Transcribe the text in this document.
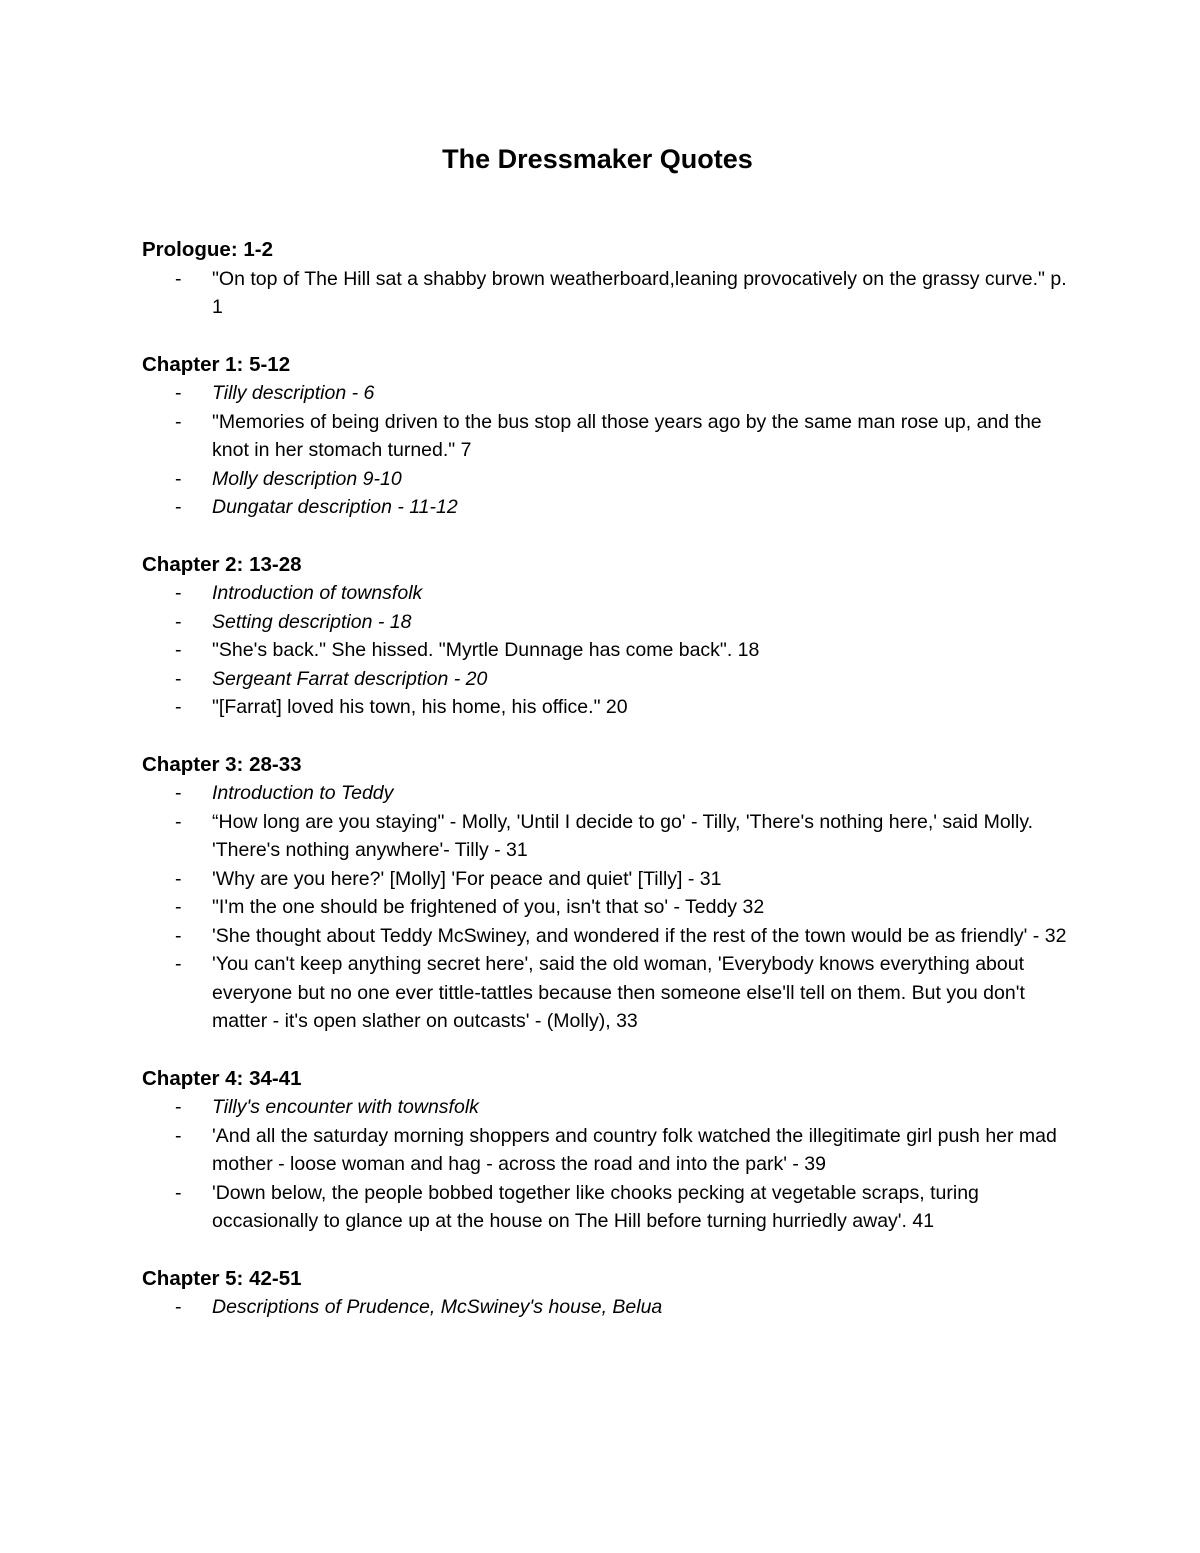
The Dressmaker Quotes
Prologue: 1-2
- "On top of The Hill sat a shabby brown weatherboard,leaning provocatively on the grassy curve." p. 1
Chapter 1: 5-12
- Tilly description - 6
- "Memories of being driven to the bus stop all those years ago by the same man rose up, and the knot in her stomach turned." 7
- Molly description 9-10
- Dungatar description - 11-12
Chapter 2: 13-28
- Introduction of townsfolk
- Setting description - 18
- "She's back." She hissed. "Myrtle Dunnage has come back". 18
- Sergeant Farrat description - 20
- "[Farrat] loved his town, his home, his office." 20
Chapter 3: 28-33
- Introduction to Teddy
- “How long are you staying" - Molly, 'Until I decide to go' - Tilly, 'There's nothing here,' said Molly. 'There's nothing anywhere'- Tilly - 31
- 'Why are you here?' [Molly] 'For peace and quiet' [Tilly] - 31
- "I'm the one should be frightened of you, isn't that so' - Teddy 32
- 'She thought about Teddy McSwiney, and wondered if the rest of the town would be as friendly' - 32
- 'You can't keep anything secret here', said the old woman, 'Everybody knows everything about everyone but no one ever tittle-tattles because then someone else'll tell on them. But you don't matter - it's open slather on outcasts' - (Molly), 33
Chapter 4: 34-41
- Tilly's encounter with townsfolk
- 'And all the saturday morning shoppers and country folk watched the illegitimate girl push her mad mother - loose woman and hag - across the road and into the park' - 39
- 'Down below, the people bobbed together like chooks pecking at vegetable scraps, turing occasionally to glance up at the house on The Hill before turning hurriedly away'. 41
Chapter 5: 42-51
- Descriptions of Prudence, McSwiney's house, Belua
